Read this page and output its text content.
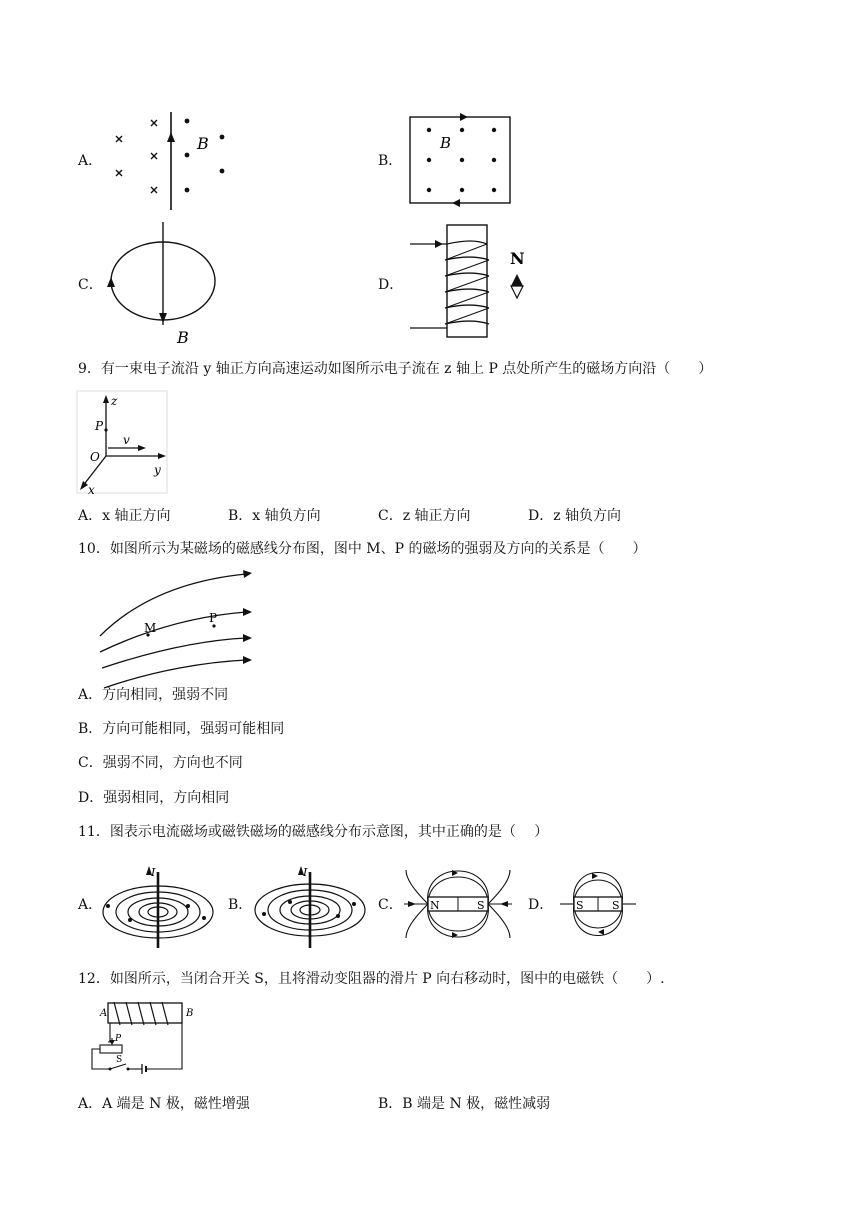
A．	B．
C．	D．
B	B
B
N
9．有一束电子流沿 y 轴正方向高速运动如图所示电子流在 z 轴上 P 点处所产生的磁场方向沿（　　）
z
P
v
O
y
x
A．x 轴正方向	B．x 轴负方向	C．z 轴正方向	D．z 轴负方向
10．如图所示为某磁场的磁感线分布图，图中 M、P 的磁场的强弱及方向的关系是（　　）
M
P
A．方向相同，强弱不同
B．方向可能相同，强弱可能相同
C．强弱不同，方向也不同
D．强弱相同，方向相同
11．图表示电流磁场或磁铁磁场的磁感线分布示意图，其中正确的是（　 ）
A．	B．	C．	D．
I	I
N	S	S	S
12．如图所示，当闭合开关 S，且将滑动变阻器的滑片 P 向右移动时，图中的电磁铁（　　）.
A	B
P
S
A．A 端是 N 极，磁性增强	B．B 端是 N 极，磁性减弱
